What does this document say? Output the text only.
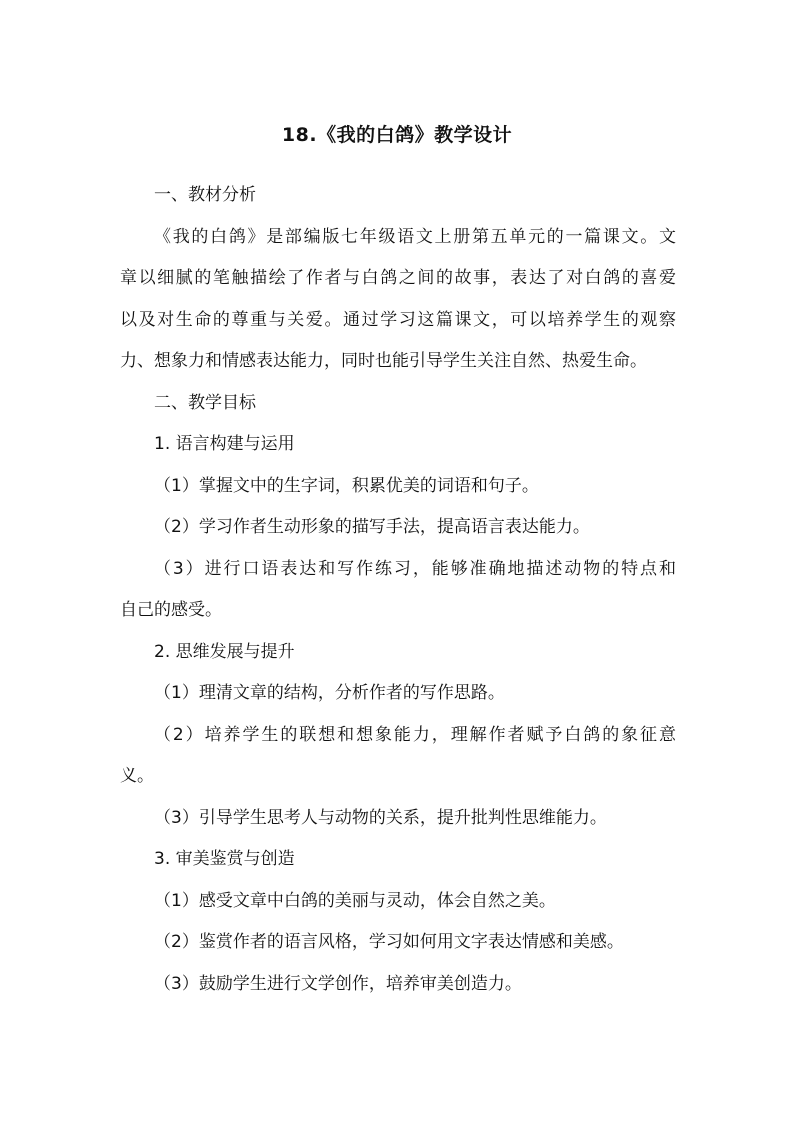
18.《我的白鸽》教学设计
一、教材分析
《我的白鸽》是部编版七年级语文上册第五单元的一篇课文。文
章以细腻的笔触描绘了作者与白鸽之间的故事，表达了对白鸽的喜爱
以及对生命的尊重与关爱。通过学习这篇课文，可以培养学生的观察
力、想象力和情感表达能力，同时也能引导学生关注自然、热爱生命。
二、教学目标
1. 语言构建与运用
（1）掌握文中的生字词，积累优美的词语和句子。
（2）学习作者生动形象的描写手法，提高语言表达能力。
（3）进行口语表达和写作练习，能够准确地描述动物的特点和
自己的感受。
2. 思维发展与提升
（1）理清文章的结构，分析作者的写作思路。
（2）培养学生的联想和想象能力，理解作者赋予白鸽的象征意
义。
（3）引导学生思考人与动物的关系，提升批判性思维能力。
3. 审美鉴赏与创造
（1）感受文章中白鸽的美丽与灵动，体会自然之美。
（2）鉴赏作者的语言风格，学习如何用文字表达情感和美感。
（3）鼓励学生进行文学创作，培养审美创造力。
